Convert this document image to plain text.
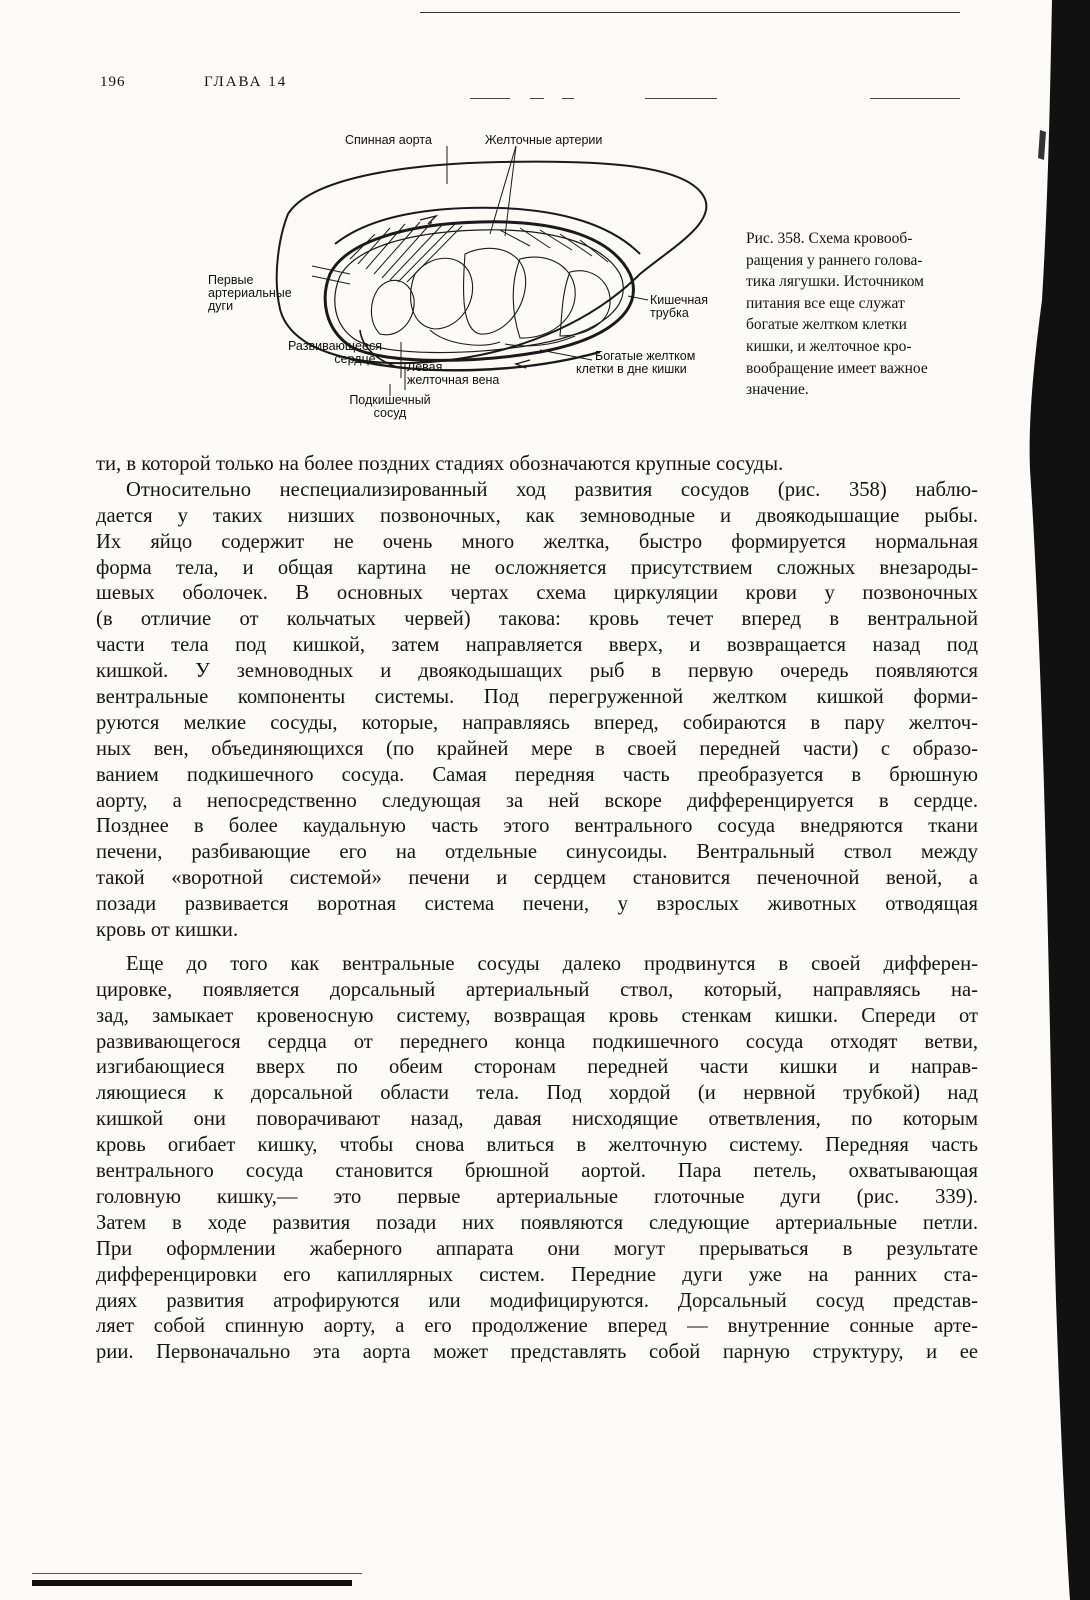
196	ГЛАВА 14
Спинная аорта	Желточные артерии
Первые
артериальные
дуги	Кишечная
трубка
Развивающееся
сердце
Левая
желточная вена
Богатые желтком
клетки в дне кишки
Подкишечный
сосуд
Рис. 358. Схема кровооб-
ращения у раннего голова-
тика лягушки. Источником
питания все еще служат
богатые желтком клетки
кишки, и желточное кро-
вообращение имеет важное
значение.

ти, в которой только на более поздних стадиях обозначаются крупные сосуды.

Относительно неспециализированный ход развития сосудов (рис. 358) наблю-
дается у таких низших позвоночных, как земноводные и двоякодышащие рыбы.
Их яйцо содержит не очень много желтка, быстро формируется нормальная
форма тела, и общая картина не осложняется присутствием сложных внезароды-
шевых оболочек. В основных чертах схема циркуляции крови у позвоночных
(в отличие от кольчатых червей) такова: кровь течет вперед в вентральной
части тела под кишкой, затем направляется вверх, и возвращается назад под
кишкой. У земноводных и двоякодышащих рыб в первую очередь появляются
вентральные компоненты системы. Под перегруженной желтком кишкой форми-
руются мелкие сосуды, которые, направляясь вперед, собираются в пару желточ-
ных вен, объединяющихся (по крайней мере в своей передней части) с образо-
ванием подкишечного сосуда. Самая передняя часть преобразуется в брюшную
аорту, а непосредственно следующая за ней вскоре дифференцируется в сердце.
Позднее в более каудальную часть этого вентрального сосуда внедряются ткани
печени, разбивающие его на отдельные синусоиды. Вентральный ствол между
такой «воротной системой» печени и сердцем становится печеночной веной, а
позади развивается воротная система печени, у взрослых животных отводящая
кровь от кишки.

Еще до того как вентральные сосуды далеко продвинутся в своей дифферен-
цировке, появляется дорсальный артериальный ствол, который, направляясь на-
зад, замыкает кровеносную систему, возвращая кровь стенкам кишки. Спереди от
развивающегося сердца от переднего конца подкишечного сосуда отходят ветви,
изгибающиеся вверх по обеим сторонам передней части кишки и направ-
ляющиеся к дорсальной области тела. Под хордой (и нервной трубкой) над
кишкой они поворачивают назад, давая нисходящие ответвления, по которым
кровь огибает кишку, чтобы снова влиться в желточную систему. Передняя часть
вентрального сосуда становится брюшной аортой. Пара петель, охватывающая
головную кишку,— это первые артериальные глоточные дуги (рис. 339).
Затем в ходе развития позади них появляются следующие артериальные петли.
При оформлении жаберного аппарата они могут прерываться в результате
дифференцировки его капиллярных систем. Передние дуги уже на ранних ста-
диях развития атрофируются или модифицируются. Дорсальный сосуд представ-
ляет собой спинную аорту, а его продолжение вперед — внутренние сонные арте-
рии. Первоначально эта аорта может представлять собой парную структуру, и ее
